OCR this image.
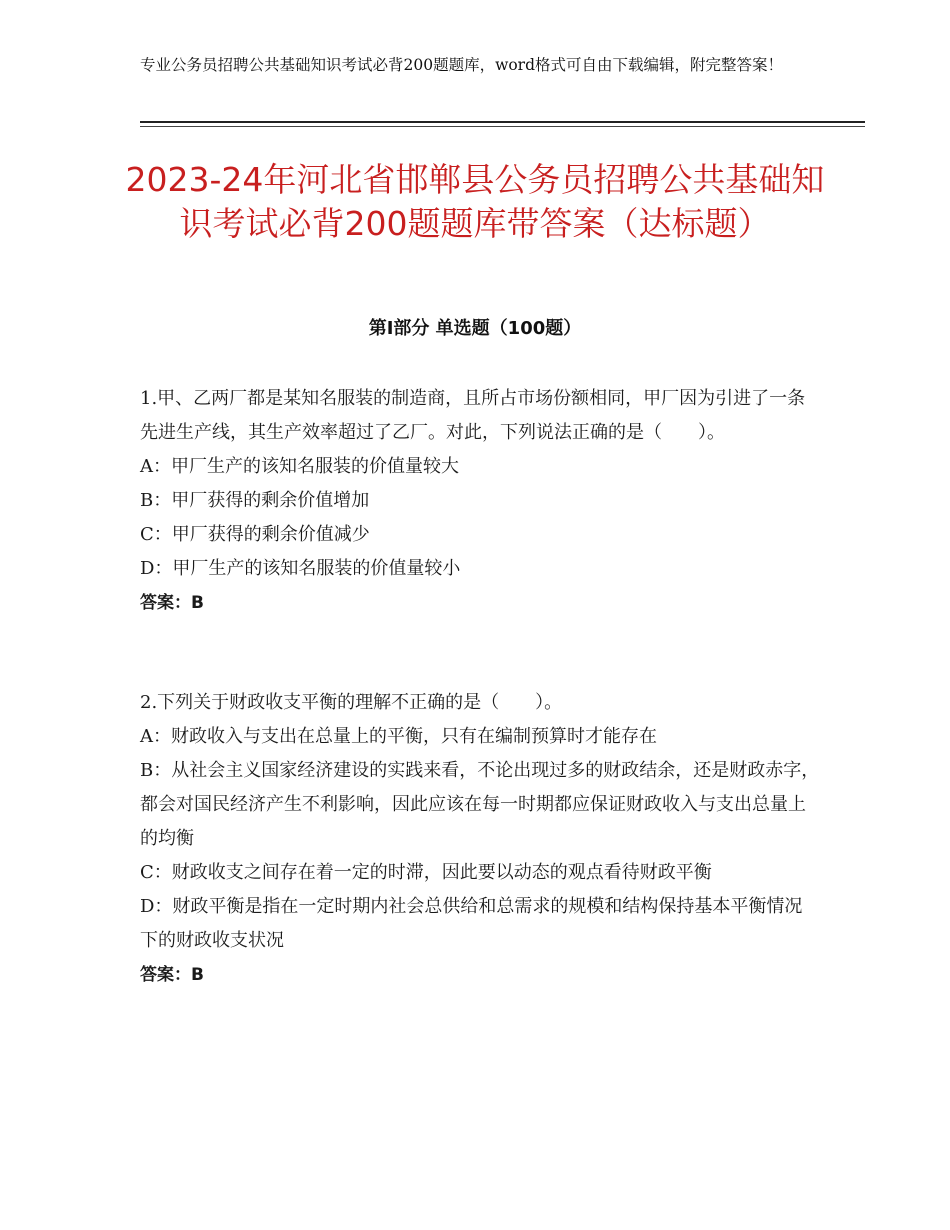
专业公务员招聘公共基础知识考试必背200题题库，word格式可自由下载编辑，附完整答案！
2023-24年河北省邯郸县公务员招聘公共基础知识考试必背200题题库带答案（达标题）
第Ⅰ部分 单选题（100题）

1.甲、乙两厂都是某知名服装的制造商，且所占市场份额相同，甲厂因为引进了一条先进生产线，其生产效率超过了乙厂。对此，下列说法正确的是（　　）。

A：甲厂生产的该知名服装的价值量较大

B：甲厂获得的剩余价值增加

C：甲厂获得的剩余价值减少

D：甲厂生产的该知名服装的价值量较小

答案：B

2.下列关于财政收支平衡的理解不正确的是（　　）。

A：财政收入与支出在总量上的平衡，只有在编制预算时才能存在

B：从社会主义国家经济建设的实践来看，不论出现过多的财政结余，还是财政赤字，都会对国民经济产生不利影响，因此应该在每一时期都应保证财政收入与支出总量上的均衡

C：财政收支之间存在着一定的时滞，因此要以动态的观点看待财政平衡

D：财政平衡是指在一定时期内社会总供给和总需求的规模和结构保持基本平衡情况下的财政收支状况

答案：B
